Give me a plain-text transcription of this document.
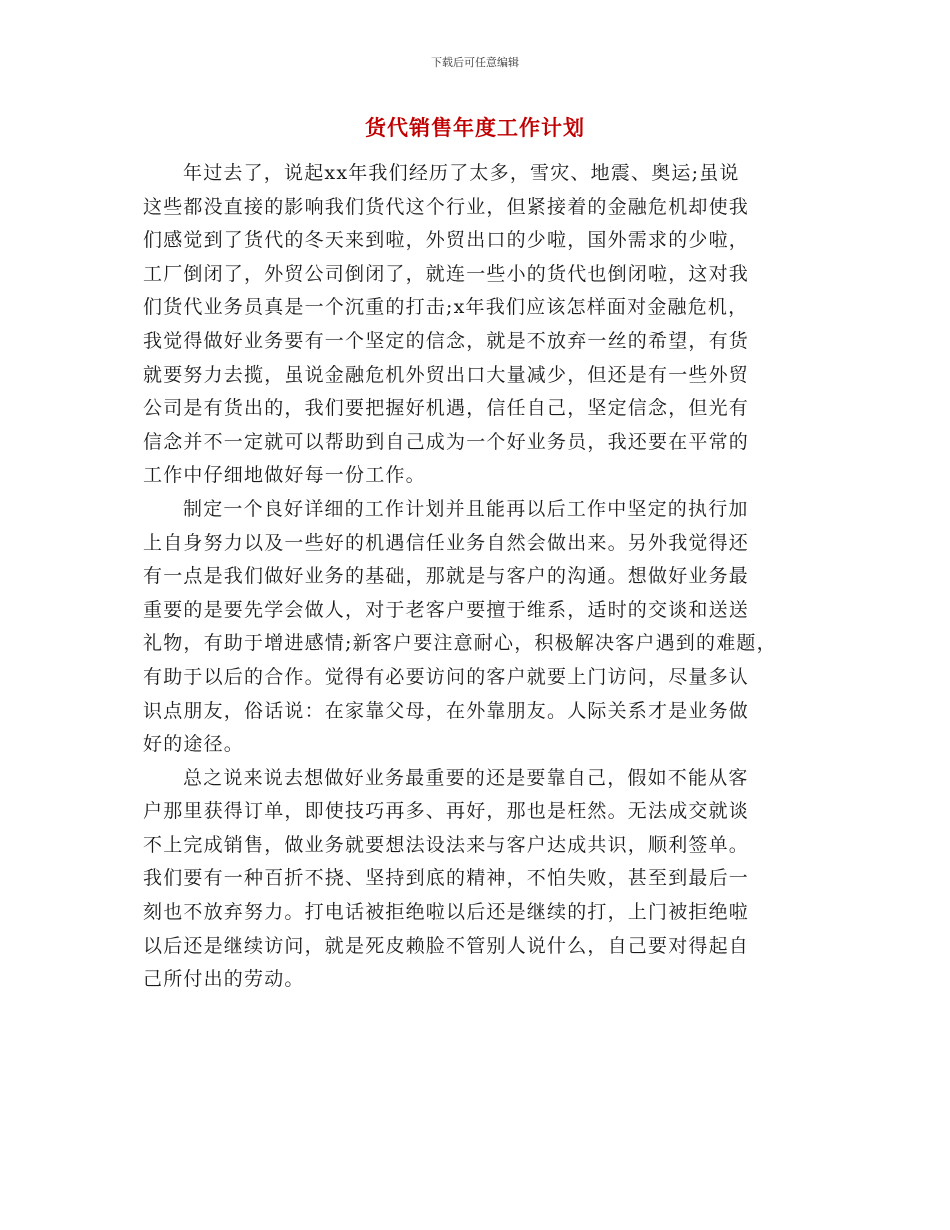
下载后可任意编辑
货代销售年度工作计划
年过去了，说起xx年我们经历了太多，雪灾、地震、奥运;虽说
这些都没直接的影响我们货代这个行业，但紧接着的金融危机却使我
们感觉到了货代的冬天来到啦，外贸出口的少啦，国外需求的少啦，
工厂倒闭了，外贸公司倒闭了，就连一些小的货代也倒闭啦，这对我
们货代业务员真是一个沉重的打击;x年我们应该怎样面对金融危机，
我觉得做好业务要有一个坚定的信念，就是不放弃一丝的希望，有货
就要努力去揽，虽说金融危机外贸出口大量减少，但还是有一些外贸
公司是有货出的，我们要把握好机遇，信任自己，坚定信念，但光有
信念并不一定就可以帮助到自己成为一个好业务员，我还要在平常的
工作中仔细地做好每一份工作。
制定一个良好详细的工作计划并且能再以后工作中坚定的执行加
上自身努力以及一些好的机遇信任业务自然会做出来。另外我觉得还
有一点是我们做好业务的基础，那就是与客户的沟通。想做好业务最
重要的是要先学会做人，对于老客户要擅于维系，适时的交谈和送送
礼物，有助于增进感情;新客户要注意耐心，积极解决客户遇到的难题，
有助于以后的合作。觉得有必要访问的客户就要上门访问，尽量多认
识点朋友，俗话说：在家靠父母，在外靠朋友。人际关系才是业务做
好的途径。
总之说来说去想做好业务最重要的还是要靠自己，假如不能从客
户那里获得订单，即使技巧再多、再好，那也是枉然。无法成交就谈
不上完成销售，做业务就要想法设法来与客户达成共识，顺利签单。
我们要有一种百折不挠、坚持到底的精神，不怕失败，甚至到最后一
刻也不放弃努力。打电话被拒绝啦以后还是继续的打，上门被拒绝啦
以后还是继续访问，就是死皮赖脸不管别人说什么，自己要对得起自
己所付出的劳动。
